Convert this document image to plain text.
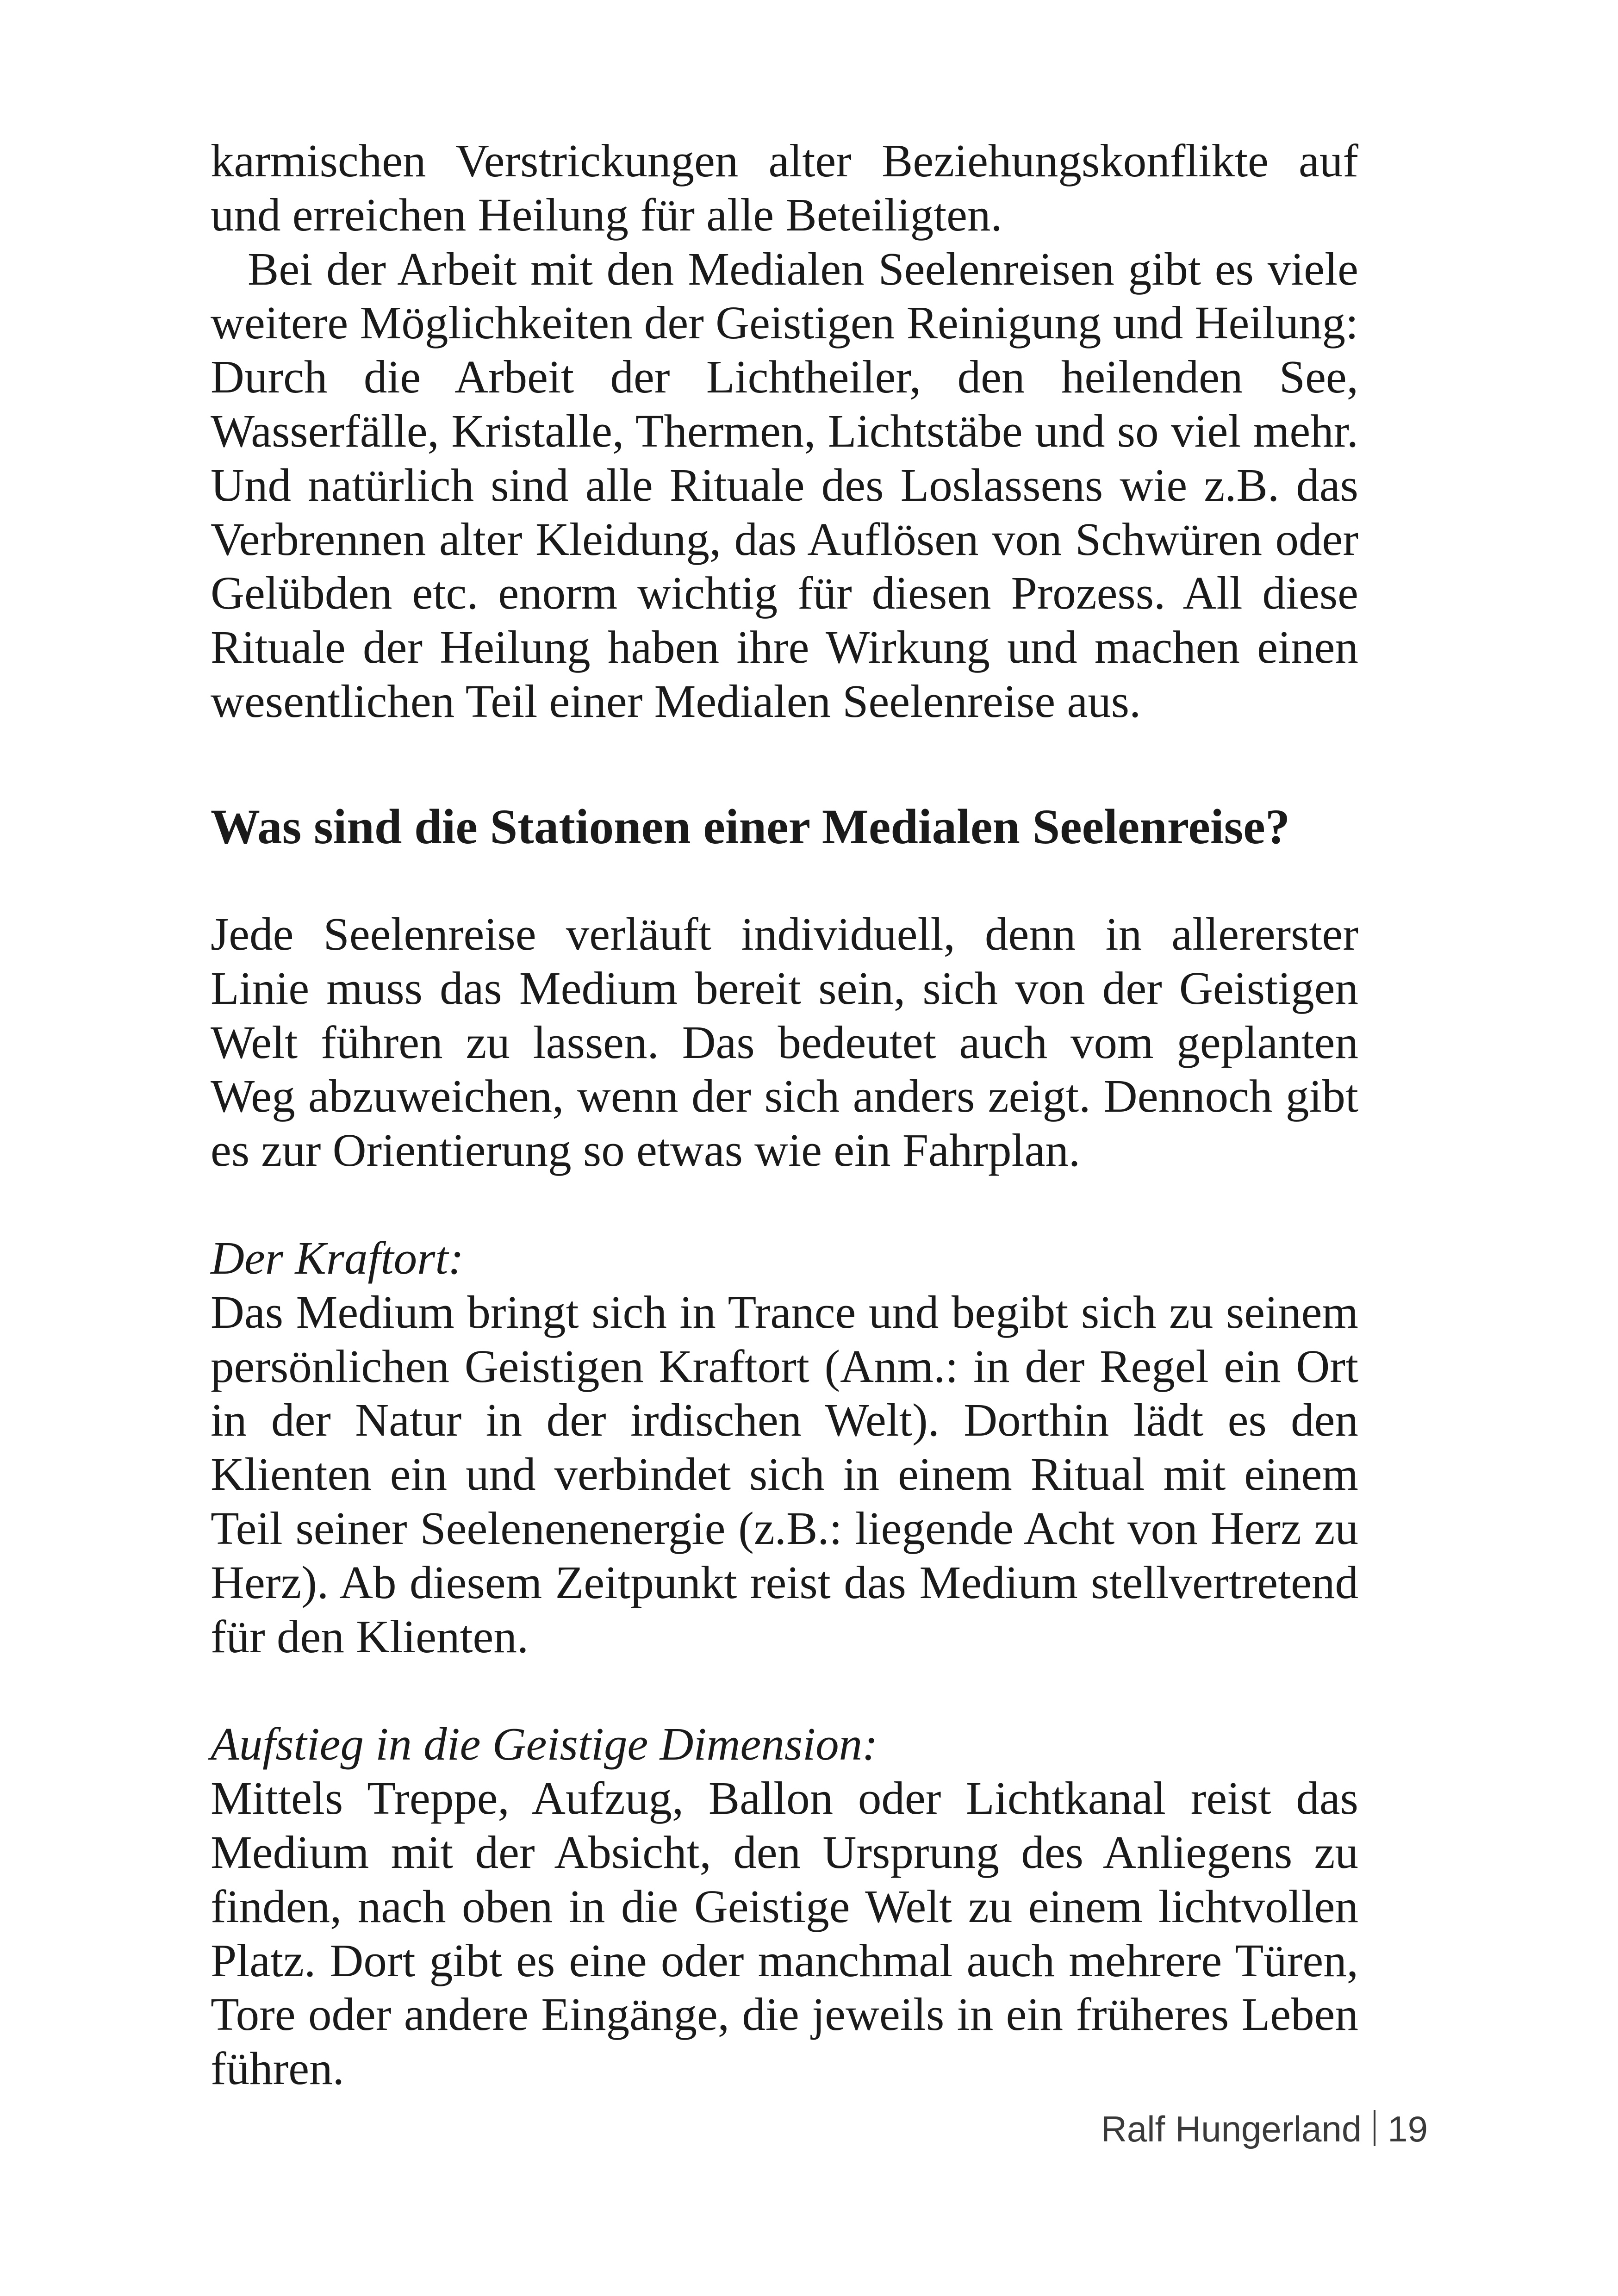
karmischen Verstrickungen alter Beziehungskonflikte auf und erreichen Heilung für alle Beteiligten.

Bei der Arbeit mit den Medialen Seelenreisen gibt es viele weitere Möglichkeiten der Geistigen Reinigung und Heilung: Durch die Arbeit der Lichtheiler, den heilenden See, Wasserfälle, Kristalle, Thermen, Lichtstäbe und so viel mehr. Und natürlich sind alle Rituale des Loslassens wie z.B. das Verbrennen alter Kleidung, das Auflösen von Schwüren oder Gelübden etc. enorm wichtig für diesen Prozess. All diese Rituale der Heilung haben ihre Wirkung und machen einen wesentlichen Teil einer Medialen Seelenreise aus.

Was sind die Stationen einer Medialen Seelenreise?

Jede Seelenreise verläuft individuell, denn in allererster Linie muss das Medium bereit sein, sich von der Geistigen Welt führen zu lassen. Das bedeutet auch vom geplanten Weg abzuweichen, wenn der sich anders zeigt. Dennoch gibt es zur Orientierung so etwas wie ein Fahrplan.

Der Kraftort:

Das Medium bringt sich in Trance und begibt sich zu seinem persönlichen Geistigen Kraftort (Anm.: in der Regel ein Ort in der Natur in der irdischen Welt). Dorthin lädt es den Klienten ein und verbindet sich in einem Ritual mit einem Teil seiner Seelenenenergie (z.B.: liegende Acht von Herz zu Herz). Ab diesem Zeitpunkt reist das Medium stellvertretend für den Klienten.

Aufstieg in die Geistige Dimension:

Mittels Treppe, Aufzug, Ballon oder Lichtkanal reist das Medium mit der Absicht, den Ursprung des Anliegens zu finden, nach oben in die Geistige Welt zu einem lichtvollen Platz. Dort gibt es eine oder manchmal auch mehrere Türen, Tore oder andere Eingänge, die jeweils in ein früheres Leben führen.

Ralf Hungerland 19
